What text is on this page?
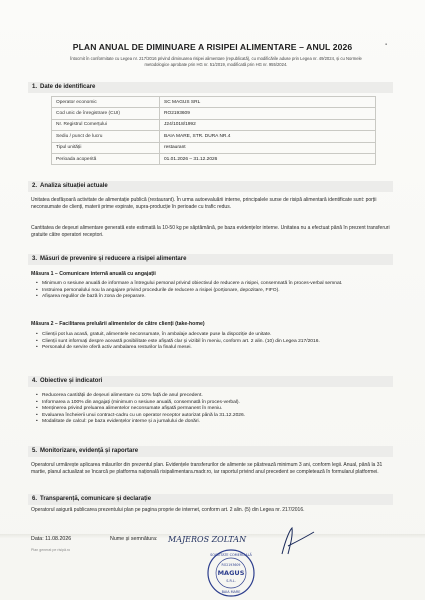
▪
PLAN ANUAL DE DIMINUARE A RISIPEI ALIMENTARE – ANUL 2026
Întocmit în conformitate cu Legea nr. 217/2016 privind diminuarea risipei alimentare (republicată), cu modificările aduse prin Legea nr. 49/2024, și cu Normele metodologice aprobate prin HG nr. 51/2019, modificată prin HG nr. 955/2024.
1. Date de identificare
Operator economic	SC MAGUS SRL
Cod unic de înregistrare (CUI)	RO2193609
Nr. Registrul Comerțului	J24/1018/1992
Sediu / punct de lucru	BAIA MARE, STR. DURA NR.4
Tipul unității	restaurant
Perioada acoperită	01.01.2026 – 31.12.2026
2. Analiza situației actuale
Unitatea desfășoară activitate de alimentație publică (restaurant). În urma autoevaluării interne, principalele surse de risipă alimentară identificate sunt: porții neconsumate de clienți, materii prime expirate, supra-producție în perioade cu trafic redus.
Cantitatea de deșeuri alimentare generată este estimată la 10-50 kg pe săptămână, pe baza evidențelor interne. Unitatea nu a efectuat până în prezent transferuri gratuite către operatori receptori.
3. Măsuri de prevenire și reducere a risipei alimentare
Măsura 1 – Comunicare internă anuală cu angajații
• Minimum o sesiune anuală de informare a întregului personal privind obiectivul de reducere a risipei, consemnată în proces-verbal semnat.
• Instruirea personalului nou la angajare privind procedurile de reducere a risipei (porționare, depozitare, FIFO).
• Afișarea regulilor de bază în zona de preparare.
Măsura 2 – Facilitarea preluării alimentelor de către clienți (take-home)
• Clienții pot lua acasă, gratuit, alimentele neconsumate, în ambalaje adecvate puse la dispoziție de unitate.
• Clienții sunt informați despre această posibilitate este afișată clar și vizibil în meniu, conform art. 2 alin. (10) din Legea 217/2016.
• Personalul de servire oferă activ ambalarea resturilor la finalul mesei.
4. Obiective și indicatori
• Reducerea cantității de deșeuri alimentare cu 10% față de anul precedent.
• Informarea a 100% din angajați (minimum o sesiune anuală, consemnată în proces-verbal).
• Menținerea privind preluarea alimentelor neconsumate afișată permanent în meniu.
• Evaluarea încheierii unui contract-cadru cu un operator receptor autorizat până la 31.12.2026.
• Modalitate de calcul: pe baza evidențelor interne și a jurnalului de donări.
5. Monitorizare, evidență și raportare
Operatorul urmărește aplicarea măsurilor din prezentul plan. Evidențele transferurilor de alimente se păstrează minimum 3 ani, conform legii. Anual, până la 31 martie, planul actualizat se încarcă pe platforma națională risipalimentara.madr.ro, iar raportul privind anul precedent se completează în formularul platformei.
6. Transparență, comunicare și declarație
Operatorul asigură publicarea prezentului plan pe pagina proprie de internet, conform art. 2 alin. (5) din Legea nr. 217/2016.
Data: 11.08.2026	Nume și semnătura: MAJEROS ZOLTAN
SOCIETATE COMERCIALĂ
RO2193609
MAGUS
S.R.L.
BAIA MARE
Plan generat pe risipă.ro
